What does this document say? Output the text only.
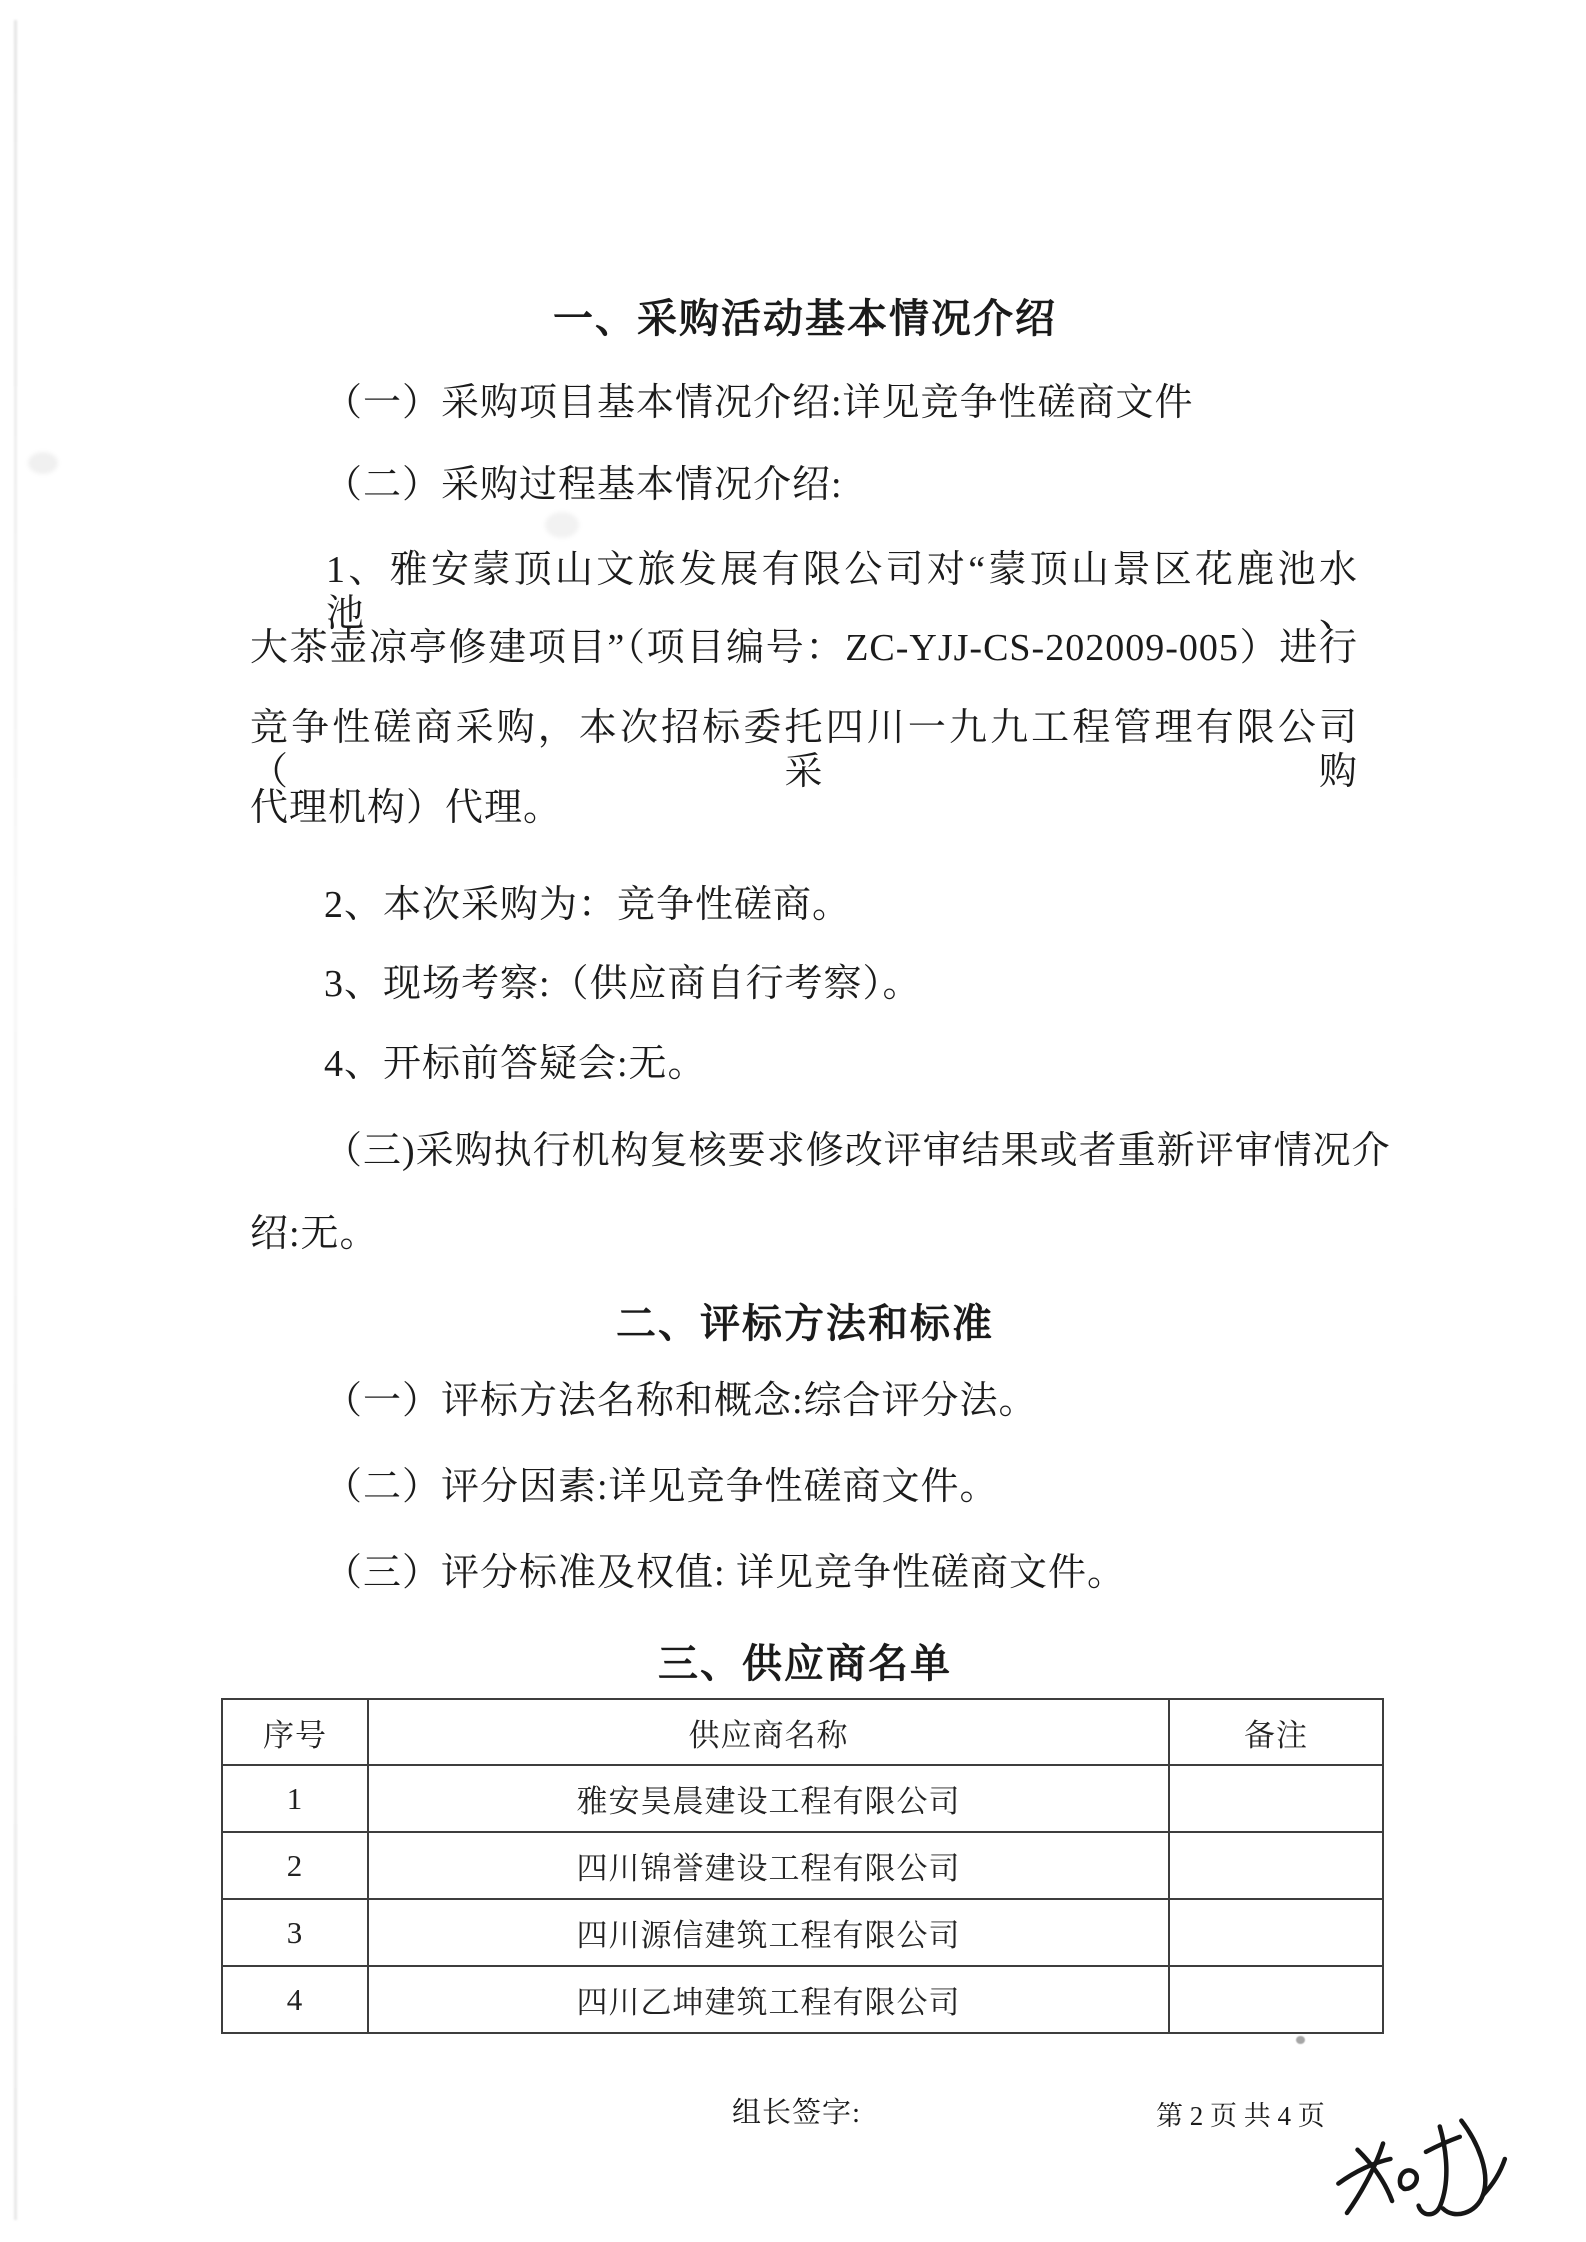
一、采购活动基本情况介绍
（一）采购项目基本情况介绍:详见竞争性磋商文件
（二）采购过程基本情况介绍:
1、雅安蒙顶山文旅发展有限公司对“蒙顶山景区花鹿池水池、
大茶壶凉亭修建项目”（项目编号：ZC-YJJ-CS-202009-005）进行
竞争性磋商采购，本次招标委托四川一九九工程管理有限公司（采购
代理机构）代理。
2、本次采购为：竞争性磋商。
3、现场考察:（供应商自行考察）。
4、开标前答疑会:无。
（三)采购执行机构复核要求修改评审结果或者重新评审情况介
绍:无。
二、评标方法和标准
（一）评标方法名称和概念:综合评分法。
（二）评分因素:详见竞争性磋商文件。
（三）评分标准及权值: 详见竞争性磋商文件。
三、供应商名单
序号	供应商名称	备注
1	雅安昊晨建设工程有限公司	
2	四川锦誉建设工程有限公司	
3	四川源信建筑工程有限公司	
4	四川乙坤建筑工程有限公司	
组长签字:	第 2 页 共 4 页
